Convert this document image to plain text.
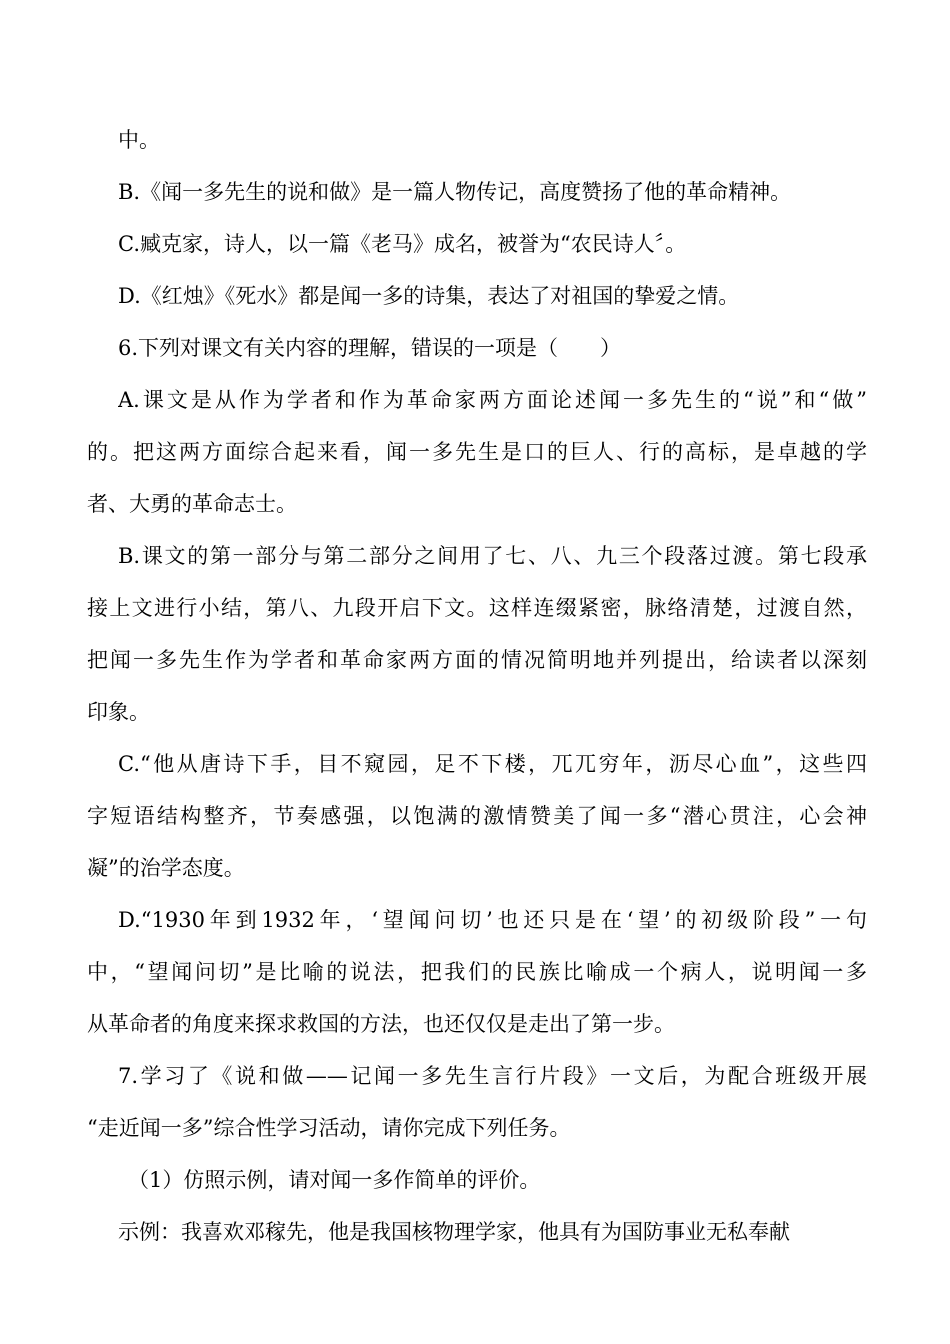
中。
B.《闻一多先生的说和做》是一篇人物传记，高度赞扬了他的革命精神。
C.臧克家，诗人，以一篇《老马》成名，被誉为“农民诗人〞。
D.《红烛》《死水》都是闻一多的诗集，表达了对祖国的挚爱之情。
6.下列对课文有关内容的理解，错误的一项是（　　）
A.课文是从作为学者和作为革命家两方面论述闻一多先生的“说”和“做”
的。把这两方面综合起来看，闻一多先生是口的巨人、行的高标，是卓越的学
者、大勇的革命志士。
B.课文的第一部分与第二部分之间用了七、八、九三个段落过渡。第七段承
接上文进行小结，第八、九段开启下文。这样连缀紧密，脉络清楚，过渡自然，
把闻一多先生作为学者和革命家两方面的情况简明地并列提出，给读者以深刻
印象。
C.“他从唐诗下手，目不窥园，足不下楼，兀兀穷年，沥尽心血”，这些四
字短语结构整齐，节奏感强，以饱满的激情赞美了闻一多“潜心贯注，心会神
凝”的治学态度。
D.“1930年到1932年，‘望闻问切’也还只是在‘望’的初级阶段”一句
中，“望闻问切”是比喻的说法，把我们的民族比喻成一个病人，说明闻一多
从革命者的角度来探求救国的方法，也还仅仅是走出了第一步。
7.学习了《说和做——记闻一多先生言行片段》一文后，为配合班级开展
“走近闻一多”综合性学习活动，请你完成下列任务。
（1）仿照示例，请对闻一多作简单的评价。
示例：我喜欢邓稼先，他是我国核物理学家，他具有为国防事业无私奉献
